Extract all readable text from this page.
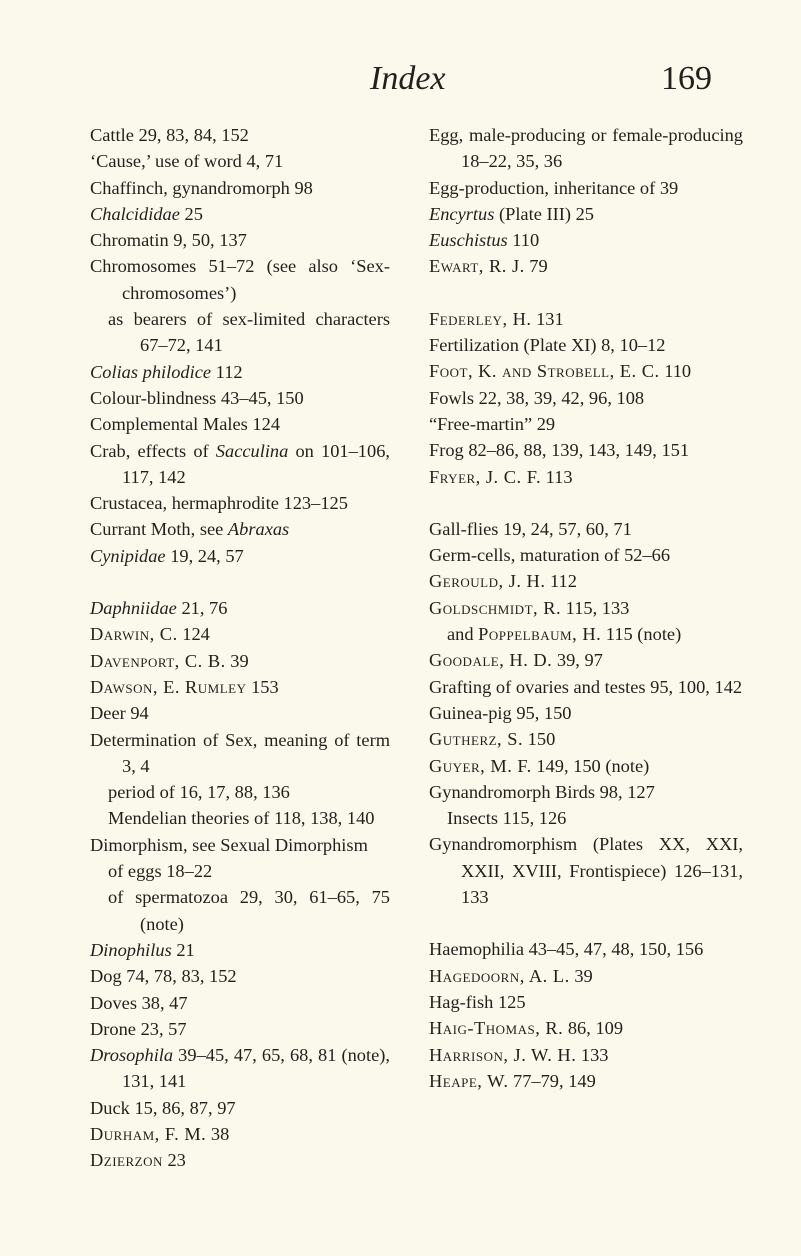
Index	169
Cattle 29, 83, 84, 152
‘Cause,’ use of word 4, 71
Chaffinch, gynandromorph 98
Chalcididae 25
Chromatin 9, 50, 137
Chromosomes 51–72 (see also ‘Sex-chromosomes’)
as bearers of sex-limited characters 67–72, 141
Colias philodice 112
Colour-blindness 43–45, 150
Complemental Males 124
Crab, effects of Sacculina on 101–106, 117, 142
Crustacea, hermaphrodite 123–125
Currant Moth, see Abraxas
Cynipidae 19, 24, 57
Daphniidae 21, 76
Darwin, C. 124
Davenport, C. B. 39
Dawson, E. Rumley 153
Deer 94
Determination of Sex, meaning of term 3, 4
period of 16, 17, 88, 136
Mendelian theories of 118, 138, 140
Dimorphism, see Sexual Dimorphism
of eggs 18–22
of spermatozoa 29, 30, 61–65, 75 (note)
Dinophilus 21
Dog 74, 78, 83, 152
Doves 38, 47
Drone 23, 57
Drosophila 39–45, 47, 65, 68, 81 (note), 131, 141
Duck 15, 86, 87, 97
Durham, F. M. 38
Dzierzon 23
Egg, male-producing or female-producing 18–22, 35, 36
Egg-production, inheritance of 39
Encyrtus (Plate III) 25
Euschistus 110
Ewart, R. J. 79
Federley, H. 131
Fertilization (Plate XI) 8, 10–12
Foot, K. and Strobell, E. C. 110
Fowls 22, 38, 39, 42, 96, 108
“Free-martin” 29
Frog 82–86, 88, 139, 143, 149, 151
Fryer, J. C. F. 113
Gall-flies 19, 24, 57, 60, 71
Germ-cells, maturation of 52–66
Gerould, J. H. 112
Goldschmidt, R. 115, 133
and Poppelbaum, H. 115 (note)
Goodale, H. D. 39, 97
Grafting of ovaries and testes 95, 100, 142
Guinea-pig 95, 150
Gutherz, S. 150
Guyer, M. F. 149, 150 (note)
Gynandromorph Birds 98, 127
Insects 115, 126
Gynandromorphism (Plates XX, XXI, XXII, XVIII, Frontispiece) 126–131, 133
Haemophilia 43–45, 47, 48, 150, 156
Hagedoorn, A. L. 39
Hag-fish 125
Haig-Thomas, R. 86, 109
Harrison, J. W. H. 133
Heape, W. 77–79, 149
